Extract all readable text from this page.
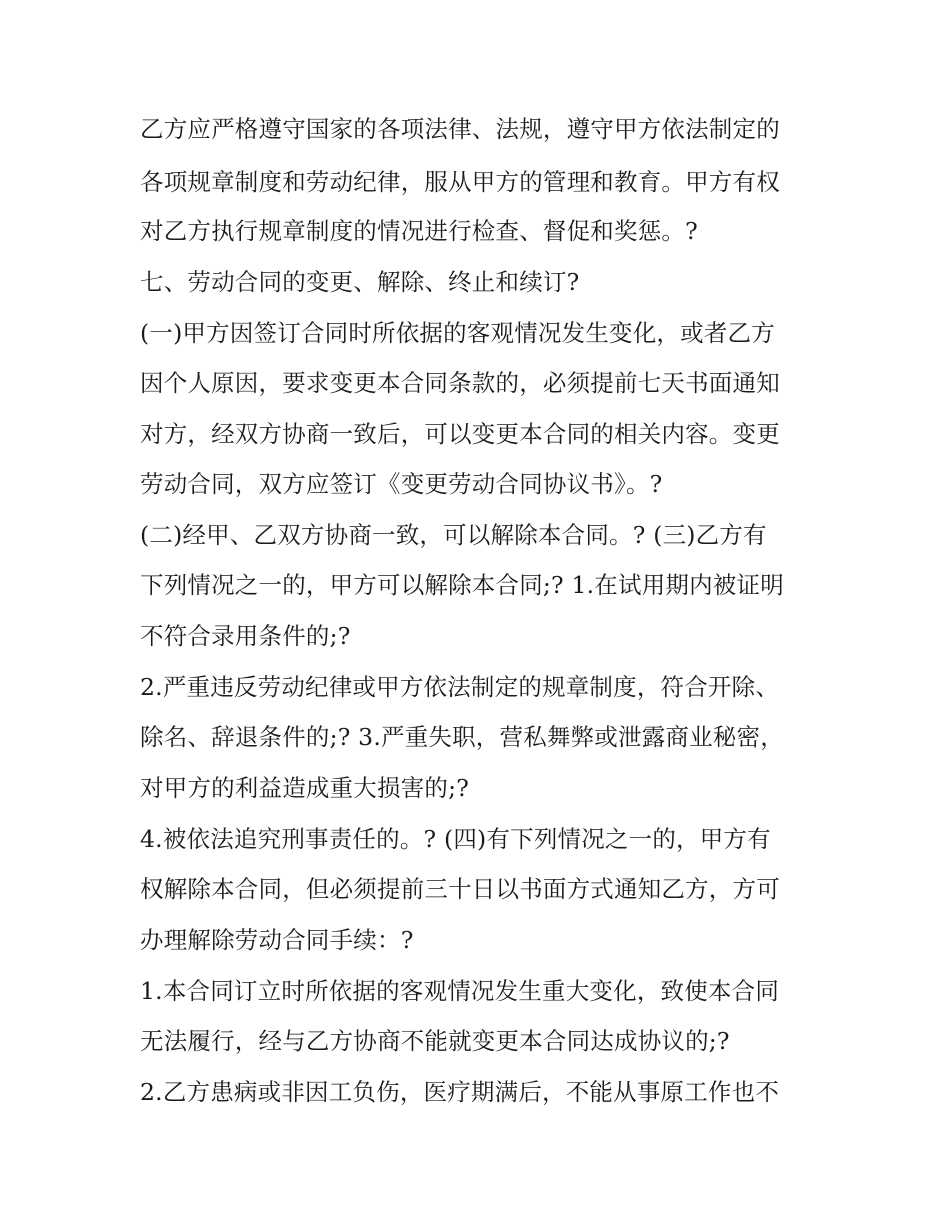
乙方应严格遵守国家的各项法律、法规，遵守甲方依法制定的
各项规章制度和劳动纪律，服从甲方的管理和教育。甲方有权
对乙方执行规章制度的情况进行检查、督促和奖惩。?
七、劳动合同的变更、解除、终止和续订?
(一)甲方因签订合同时所依据的客观情况发生变化，或者乙方
因个人原因，要求变更本合同条款的，必须提前七天书面通知
对方，经双方协商一致后，可以变更本合同的相关内容。变更
劳动合同，双方应签订《变更劳动合同协议书》。?
(二)经甲、乙双方协商一致，可以解除本合同。? (三)乙方有
下列情况之一的，甲方可以解除本合同;? 1.在试用期内被证明
不符合录用条件的;?
2.严重违反劳动纪律或甲方依法制定的规章制度，符合开除、
除名、辞退条件的;? 3.严重失职，营私舞弊或泄露商业秘密，
对甲方的利益造成重大损害的;?
4.被依法追究刑事责任的。? (四)有下列情况之一的，甲方有
权解除本合同，但必须提前三十日以书面方式通知乙方，方可
办理解除劳动合同手续：?
1.本合同订立时所依据的客观情况发生重大变化，致使本合同
无法履行，经与乙方协商不能就变更本合同达成协议的;?
2.乙方患病或非因工负伤，医疗期满后，不能从事原工作也不
